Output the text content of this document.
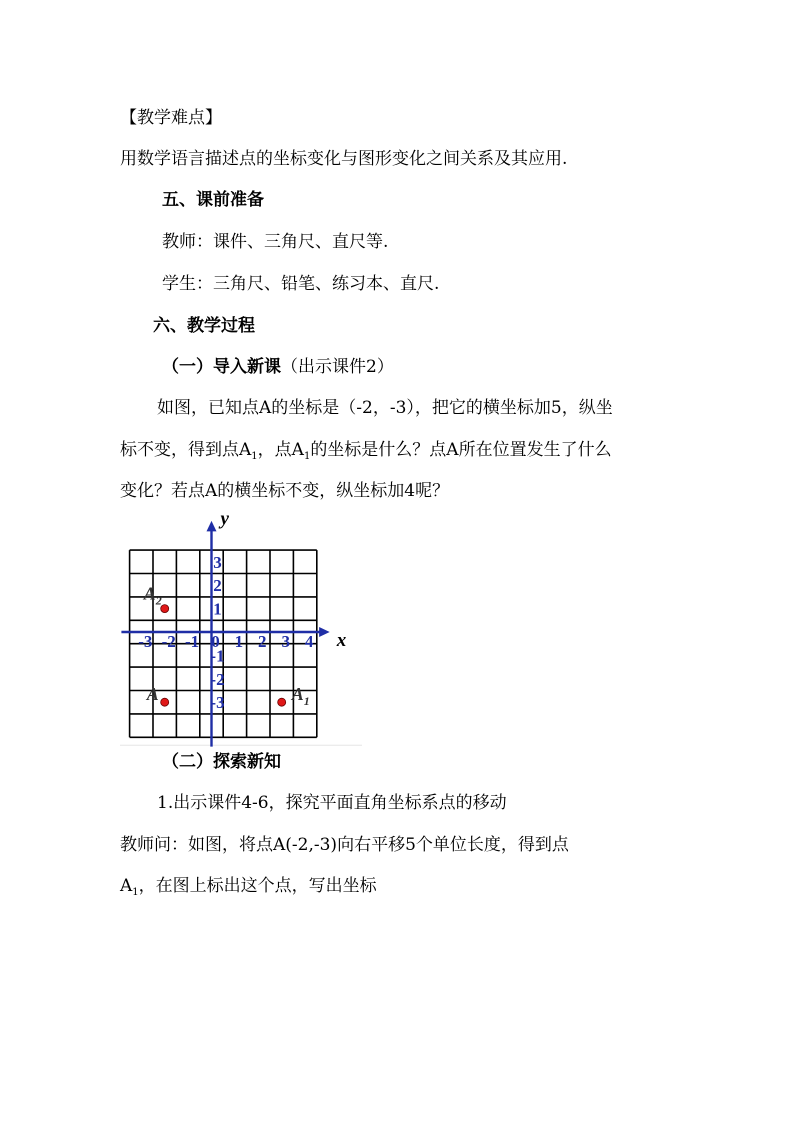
【教学难点】
用数学语言描述点的坐标变化与图形变化之间关系及其应用.
五、课前准备
教师：课件、三角尺、直尺等.
学生：三角尺、铅笔、练习本、直尺.
六、教学过程
（一）导入新课（出示课件2）
如图，已知点A的坐标是（-2，-3），把它的横坐标加5，纵坐
标不变，得到点$A_1$，点$A_1$的坐标是什么？点A所在位置发生了什么
变化？若点A的横坐标不变，纵坐标加4呢？
x
y
-3 -2 -1 0 1 2 3 4
3
2
1
-1
-2
-3
A
$A_2$
$A_1$
（二）探索新知
1.出示课件4-6，探究平面直角坐标系点的移动
教师问：如图，将点A(-2,-3)向右平移5个单位长度，得到点
$A_1$，在图上标出这个点，写出坐标
